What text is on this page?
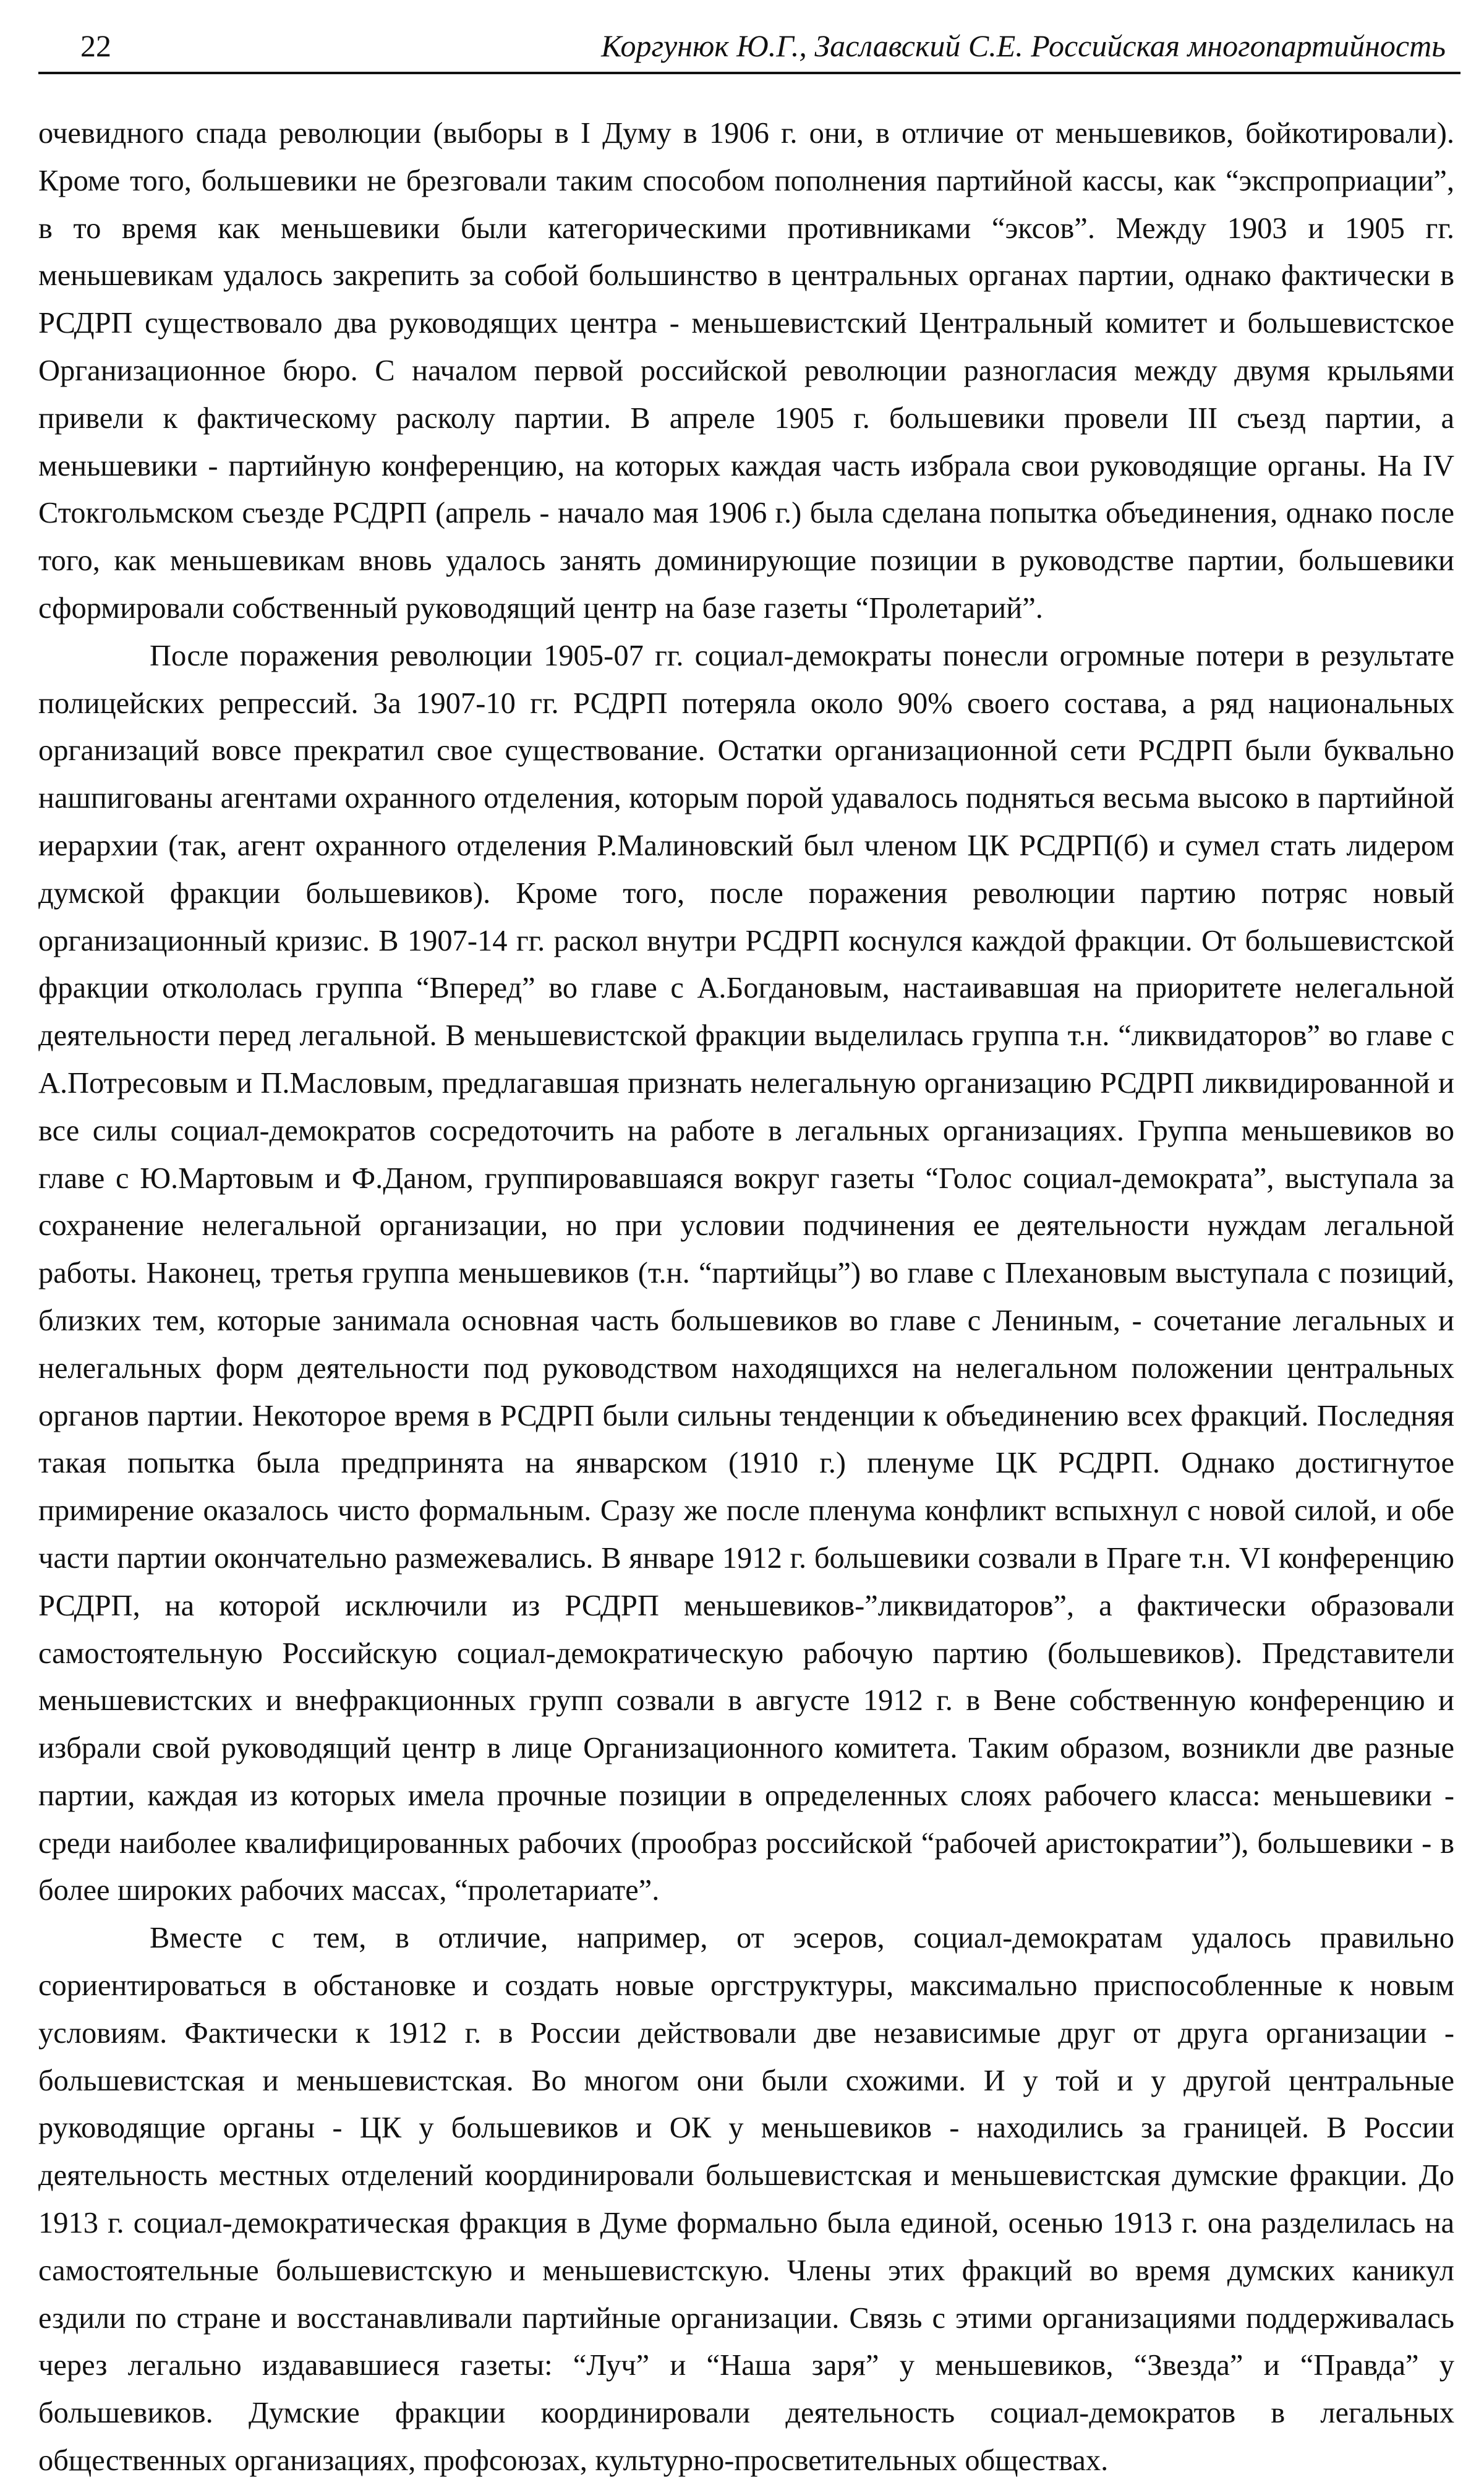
22	Коргунюк Ю.Г., Заславский С.Е. Российская многопартийность

очевидного спада революции (выборы в I Думу в 1906 г. они, в отличие от меньшевиков, бойкотировали). Кроме того, большевики не брезговали таким способом пополнения партийной кассы, как “экспроприации”, в то время как меньшевики были категорическими противниками “эксов”. Между 1903 и 1905 гг. меньшевикам удалось закрепить за собой большинство в центральных органах партии, однако фактически в РСДРП существовало два руководящих центра - меньшевистский Центральный комитет и большевистское Организационное бюро. С началом первой российской революции разногласия между двумя крыльями привели к фактическому расколу партии. В апреле 1905 г. большевики провели III съезд партии, а меньшевики - партийную конференцию, на которых каждая часть избрала свои руководящие органы. На IV Стокгольмском съезде РСДРП (апрель - начало мая 1906 г.) была сделана попытка объединения, однако после того, как меньшевикам вновь удалось занять доминирующие позиции в руководстве партии, большевики сформировали собственный руководящий центр на базе газеты “Пролетарий”.

После поражения революции 1905-07 гг. социал-демократы понесли огромные потери в результате полицейских репрессий. За 1907-10 гг. РСДРП потеряла около 90% своего состава, а ряд национальных организаций вовсе прекратил свое существование. Остатки организационной сети РСДРП были буквально нашпигованы агентами охранного отделения, которым порой удавалось подняться весьма высоко в партийной иерархии (так, агент охранного отделения Р.Малиновский был членом ЦК РСДРП(б) и сумел стать лидером думской фракции большевиков). Кроме того, после поражения революции партию потряс новый организационный кризис. В 1907-14 гг. раскол внутри РСДРП коснулся каждой фракции. От большевистской фракции откололась группа “Вперед” во главе с А.Богдановым, настаивавшая на приоритете нелегальной деятельности перед легальной. В меньшевистской фракции выделилась группа т.н. “ликвидаторов” во главе с А.Потресовым и П.Масловым, предлагавшая признать нелегальную организацию РСДРП ликвидированной и все силы социал-демократов сосредоточить на работе в легальных организациях. Группа меньшевиков во главе с Ю.Мартовым и Ф.Даном, группировавшаяся вокруг газеты “Голос социал-демократа”, выступала за сохранение нелегальной организации, но при условии подчинения ее деятельности нуждам легальной работы. Наконец, третья группа меньшевиков (т.н. “партийцы”) во главе с Плехановым выступала с позиций, близких тем, которые занимала основная часть большевиков во главе с Лениным, - сочетание легальных и нелегальных форм деятельности под руководством находящихся на нелегальном положении центральных органов партии. Некоторое время в РСДРП были сильны тенденции к объединению всех фракций. Последняя такая попытка была предпринята на январском (1910 г.) пленуме ЦК РСДРП. Однако достигнутое примирение оказалось чисто формальным. Сразу же после пленума конфликт вспыхнул с новой силой, и обе части партии окончательно размежевались. В январе 1912 г. большевики созвали в Праге т.н. VI конференцию РСДРП, на которой исключили из РСДРП меньшевиков-”ликвидаторов”, а фактически образовали самостоятельную Российскую социал-демократическую рабочую партию (большевиков). Представители меньшевистских и внефракционных групп созвали в августе 1912 г. в Вене собственную конференцию и избрали свой руководящий центр в лице Организационного комитета. Таким образом, возникли две разные партии, каждая из которых имела прочные позиции в определенных слоях рабочего класса: меньшевики - среди наиболее квалифицированных рабочих (прообраз российской “рабочей аристократии”), большевики - в более широких рабочих массах, “пролетариате”.

Вместе с тем, в отличие, например, от эсеров, социал-демократам удалось правильно сориентироваться в обстановке и создать новые оргструктуры, максимально приспособленные к новым условиям. Фактически к 1912 г. в России действовали две независимые друг от друга организации - большевистская и меньшевистская. Во многом они были схожими. И у той и у другой центральные руководящие органы - ЦК у большевиков и ОК у меньшевиков - находились за границей. В России деятельность местных отделений координировали большевистская и меньшевистская думские фракции. До 1913 г. социал-демократическая фракция в Думе формально была единой, осенью 1913 г. она разделилась на самостоятельные большевистскую и меньшевистскую. Члены этих фракций во время думских каникул ездили по стране и восстанавливали партийные организации. Связь с этими организациями поддерживалась через легально издававшиеся газеты: “Луч” и “Наша заря” у меньшевиков, “Звезда” и “Правда” у большевиков. Думские фракции координировали деятельность социал-демократов в легальных общественных организациях, профсоюзах, культурно-просветительных обществах.
